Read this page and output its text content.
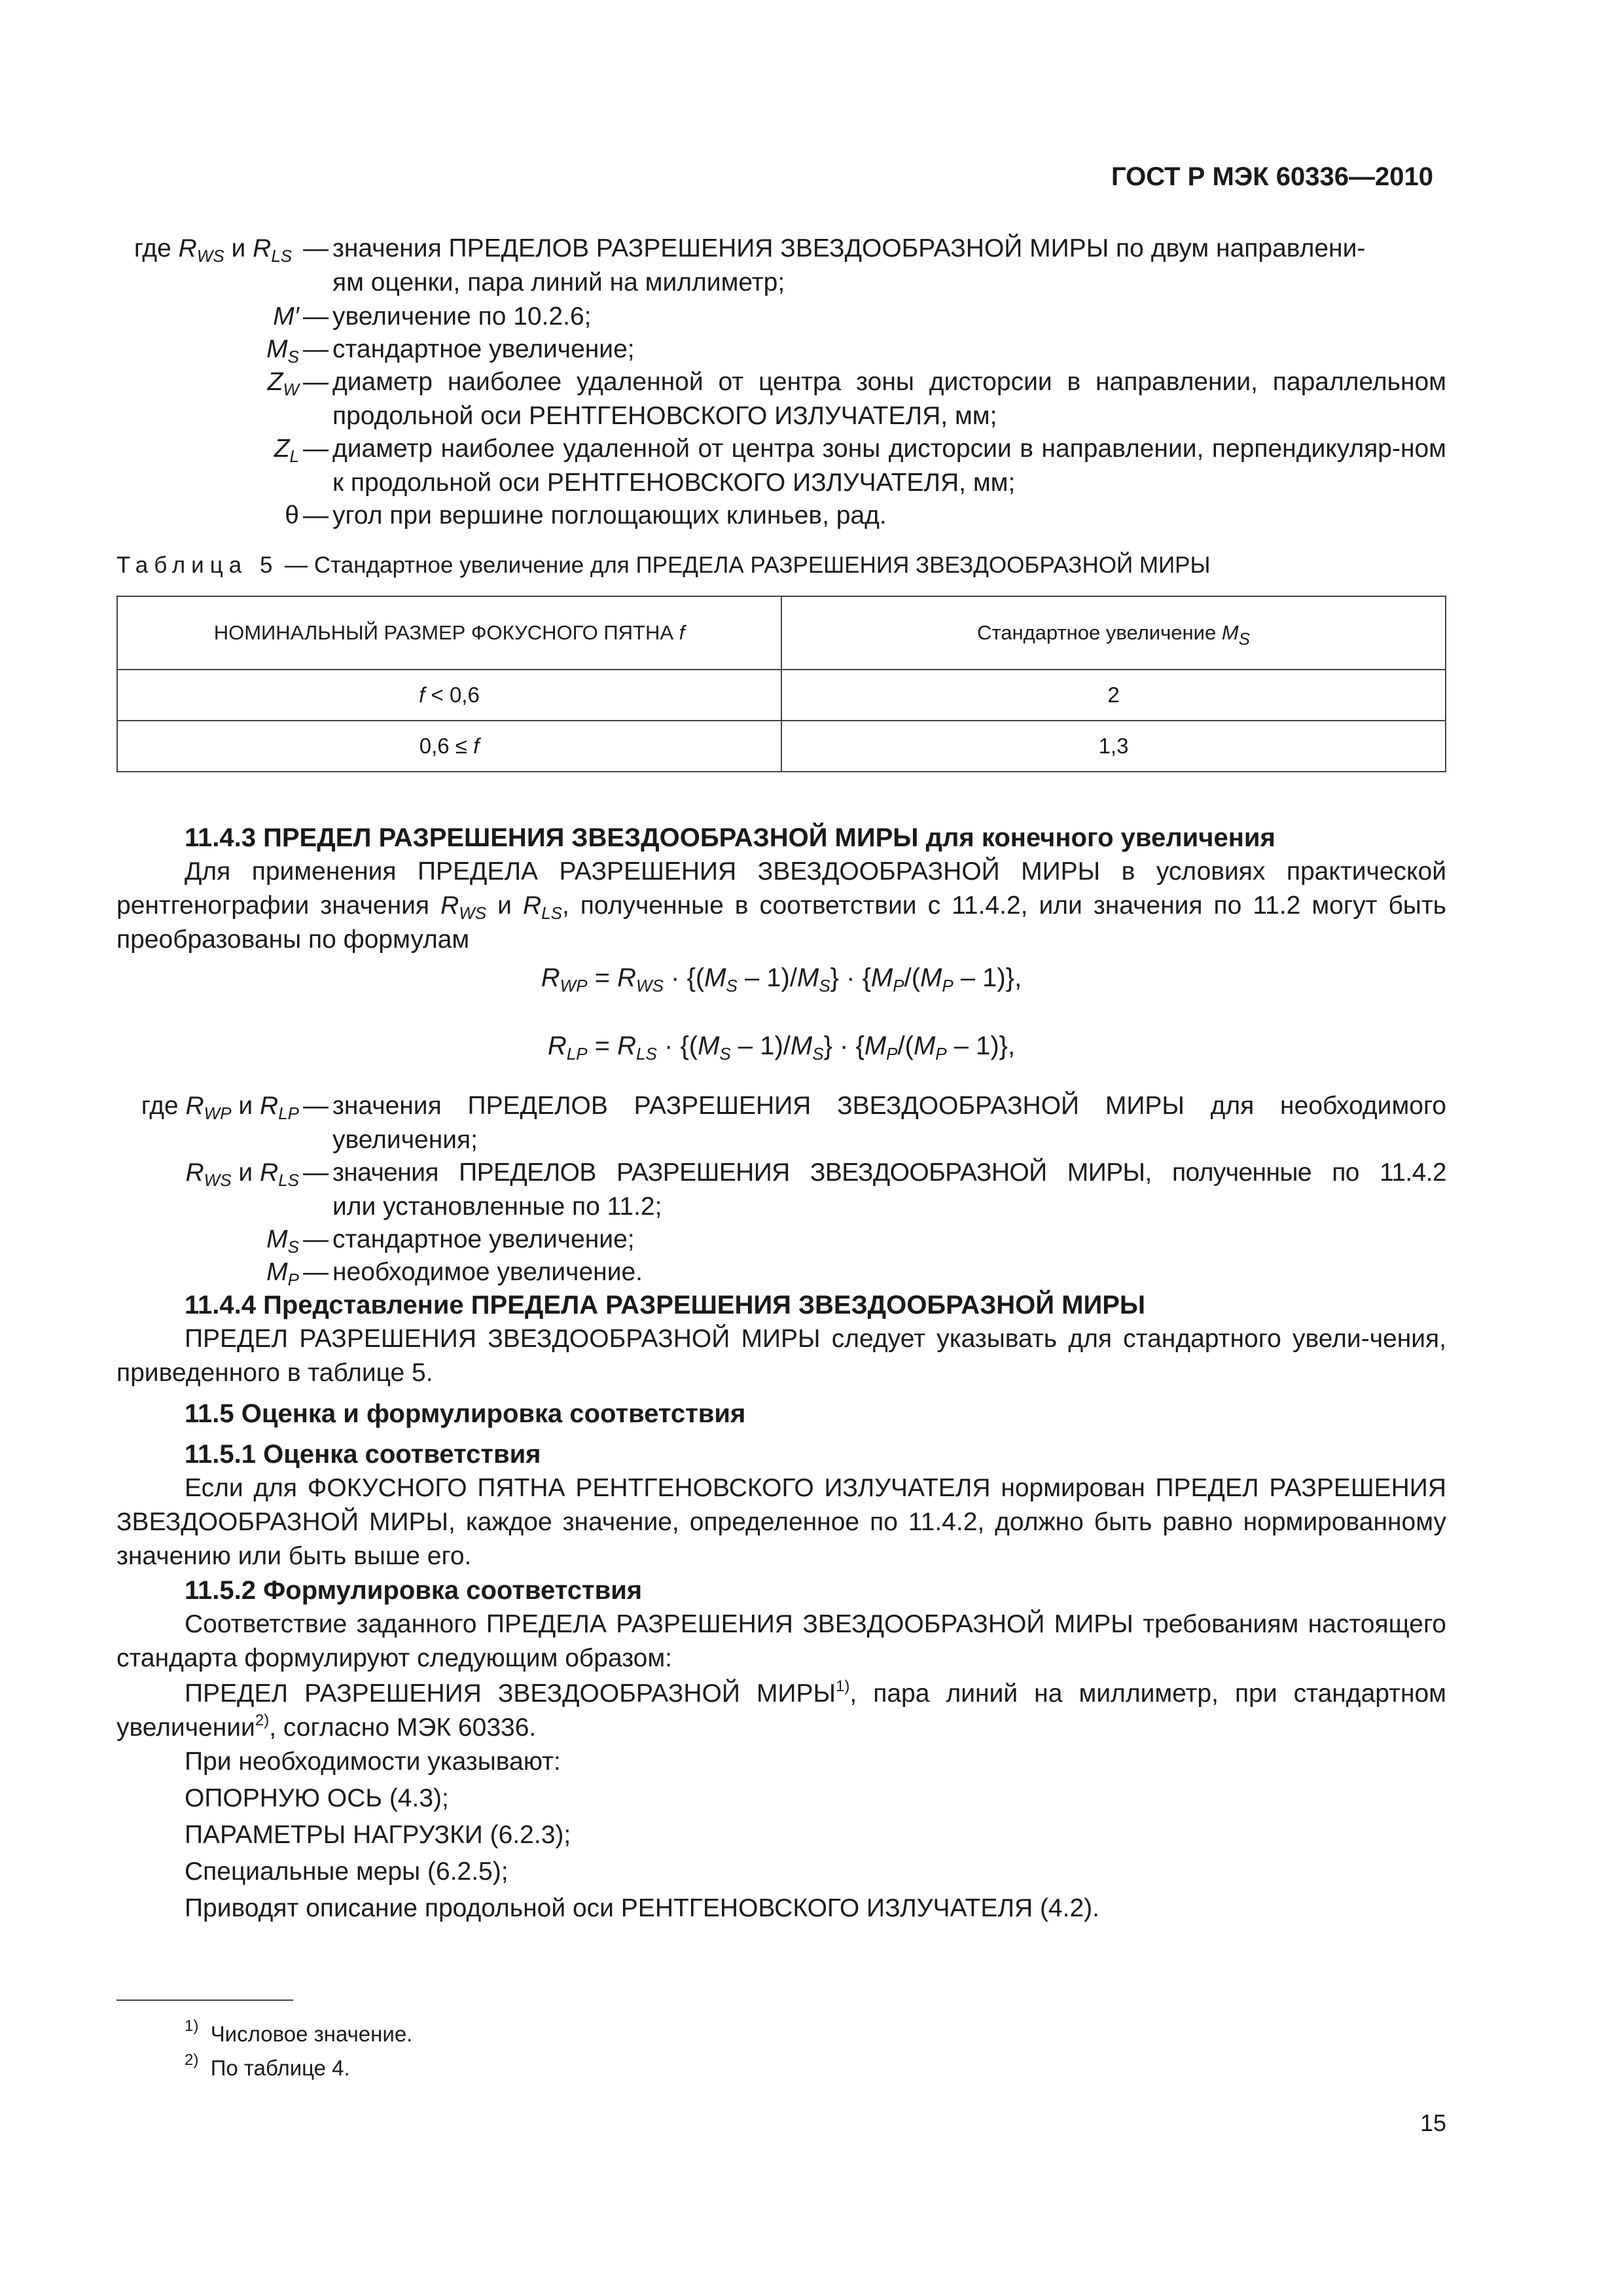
ГОСТ Р МЭК 60336—2010
где $R_{WS}$ и $R_{LS}$ — значения ПРЕДЕЛОВ РАЗРЕШЕНИЯ ЗВЕЗДООБРАЗНОЙ МИРЫ по двум направлени-
ям оценки, пара линий на миллиметр;
M′ — увеличение по 10.2.6;
$M_S$ — стандартное увеличение;
$Z_W$ — диаметр наиболее удаленной от центра зоны дисторсии в направлении, параллельном продольной оси РЕНТГЕНОВСКОГО ИЗЛУЧАТЕЛЯ, мм;
$Z_L$ — диаметр наиболее удаленной от центра зоны дисторсии в направлении, перпендикуляр-ном к продольной оси РЕНТГЕНОВСКОГО ИЗЛУЧАТЕЛЯ, мм;
θ — угол при вершине поглощающих клиньев, рад.
Таблица 5 — Стандартное увеличение для ПРЕДЕЛА РАЗРЕШЕНИЯ ЗВЕЗДООБРАЗНОЙ МИРЫ
НОМИНАЛЬНЫЙ РАЗМЕР ФОКУСНОГО ПЯТНА f	Стандартное увеличение $M_S$
f < 0,6	2
0,6 ≤ f	1,3
11.4.3 ПРЕДЕЛ РАЗРЕШЕНИЯ ЗВЕЗДООБРАЗНОЙ МИРЫ для конечного увеличения
Для применения ПРЕДЕЛА РАЗРЕШЕНИЯ ЗВЕЗДООБРАЗНОЙ МИРЫ в условиях практической рентгенографии значения $R_{WS}$ и $R_{LS}$, полученные в соответствии с 11.4.2, или значения по 11.2 могут быть преобразованы по формулам
$R_{WP} = R_{WS} \cdot \{(M_S - 1)/M_S\} \cdot \{M_P/(M_P - 1)\}$,
$R_{LP} = R_{LS} \cdot \{(M_S - 1)/M_S\} \cdot \{M_P/(M_P - 1)\}$,
где $R_{WP}$ и $R_{LP}$ — значения ПРЕДЕЛОВ РАЗРЕШЕНИЯ ЗВЕЗДООБРАЗНОЙ МИРЫ для необходимого
увеличения;
$R_{WS}$ и $R_{LS}$ — значения ПРЕДЕЛОВ РАЗРЕШЕНИЯ ЗВЕЗДООБРАЗНОЙ МИРЫ, полученные по 11.4.2
или установленные по 11.2;
$M_S$ — стандартное увеличение;
$M_P$ — необходимое увеличение.
11.4.4 Представление ПРЕДЕЛА РАЗРЕШЕНИЯ ЗВЕЗДООБРАЗНОЙ МИРЫ
ПРЕДЕЛ РАЗРЕШЕНИЯ ЗВЕЗДООБРАЗНОЙ МИРЫ следует указывать для стандартного увели-чения, приведенного в таблице 5.
11.5 Оценка и формулировка соответствия
11.5.1 Оценка соответствия
Если для ФОКУСНОГО ПЯТНА РЕНТГЕНОВСКОГО ИЗЛУЧАТЕЛЯ нормирован ПРЕДЕЛ РАЗРЕШЕНИЯ ЗВЕЗДООБРАЗНОЙ МИРЫ, каждое значение, определенное по 11.4.2, должно быть равно нормированному значению или быть выше его.
11.5.2 Формулировка соответствия
Соответствие заданного ПРЕДЕЛА РАЗРЕШЕНИЯ ЗВЕЗДООБРАЗНОЙ МИРЫ требованиям настоящего стандарта формулируют следующим образом:
ПРЕДЕЛ РАЗРЕШЕНИЯ ЗВЕЗДООБРАЗНОЙ МИРЫ$^{1)}$, пара линий на миллиметр, при стандартном увеличении$^{2)}$, согласно МЭК 60336.
При необходимости указывают:
ОПОРНУЮ ОСЬ (4.3);
ПАРАМЕТРЫ НАГРУЗКИ (6.2.3);
Специальные меры (6.2.5);
Приводят описание продольной оси РЕНТГЕНОВСКОГО ИЗЛУЧАТЕЛЯ (4.2).
$^{1)}$ Числовое значение.
$^{2)}$ По таблице 4.
15
